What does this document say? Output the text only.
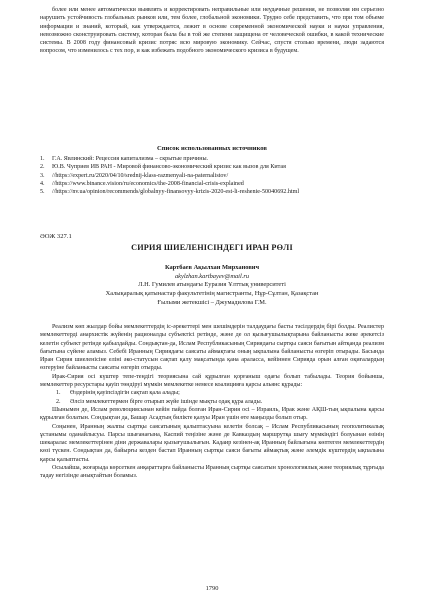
более или менее автоматически выявлять и корректировать неправильные или неудачные решения, не позволяя им серьезно нарушить устойчивость глобальных рынков или, тем более, глобальной экономики. Трудно себе представить, что при том объеме информации и знаний, который, как утверждается, лежит в основе современной экономической науки и науки управления, невозможно сконструировать систему, которая была бы в той же степени защищена от человеческой ошибки, в какой технические системы. В 2008 году финансовый кризис потряс всю мировую экономику. Сейчас, спустя столько времени, люди задаются вопросом, что изменилось с тех пор, и как избежать подобного экономического кризиса в будущем.

Список использованных источников

1. Г.А. Явлинский: Рецессия капитализма – скрытые причины.
2. Ю.В. Чуприев ИВ РАН - Мировой финансово-экономический кризис как вызов для Китая
3. //https://expert.ru/2020/04/10/srednij-klass-razmenyali-na-paternalistov/
4. //https://www.binance.vision/ru/economics/the-2008-financial-crisis-explained
5. //https://nv.ua/opinion/recommends/globalnyy-finansovyy-krizis-2020-est-li-reshenie-50040692.html

ӘОЖ 327.1

СИРИЯ ШИЕЛЕНІСІНДЕГІ ИРАН РӨЛІ

Картбаев Ақылхан Мирханович

akylzhan.kartbayev@mail.ru

Л.Н. Гумилев атындағы Еуразия Ұлттық университеті

Халықаралық қатынастар факультетінің магистранты, Нұр-Сұлтан, Қазақстан

Ғылыми жетекшісі – Джумадилова Г.М.

Реализм көп жылдар бойы мемлекеттердің іс-әрекеттері мен шешімдерін талдаудағы басты тәсілдердің бірі болды. Реалистер мемлекеттерді анархистік жүйенің рационалды субъектісі ретінде, және де ол қызығушылықтарына байланысты жеке әрекетсіз келетін субъект ретінде қабылдайды. Сондықтан-да, Ислам Республикасының Сириядағы сыртқы саяси бағытын айтқанда реализм бағытына сүйене аламыз. Себебі Иранның Сириядағы саясаты аймақтағы оның ықпалына байланысты өзгеріп отырады. Басында Иран Сирия шиеленісіне еліні әко-статусын сақтап қалу мақсатында қана араласса, кейіннен Сирияда орын алған оқиғалардың өзгеруіне байланысты саясаты өзгеріп отырды.

Ирак-Сирия осі күштер тепе-теңдігі теориясына сай құрылған қорғаныш одағы болып табылады. Теория бойынша, мемлекеттер ресурстары қауіп төндіруі мүмкін мемлекетке немесе коалицияға қарсы альянс құрады:

1. Өздерінің қауіпсіздігін сақтап қала алады;
2. Әлсіз мемлекеттермен бірге отырып жүйе ішінде мықты одақ құра алады.

Шынымен де, Ислам революциясынан кейін пайда болған Иран-Сирия осі – Израиль, Ирак және АҚШ-тың ықпалына қарсы құрылған болатын. Сондықтан да, Башар Асадтың билікте қалуы Иран үшін өте маңызды болып отыр.

Соңынен, Иранның жалпы сыртқы саясатының қалыптасуына келетін болсақ – Ислам Республикасының геополитикалық ұстанымы оданайлысуы. Парсы шығанағына, Каспий теңізіне және де Кавказдың маршрутқа шығу мүмкіндігі болуынан өзінің шекаралас мемлекеттерінен діни державалары қызығушылығын. Кадаир кезінен-ақ Иранның байлығына көптеген мемлекеттердің көзі түскен. Сондықтан да, байырғы кезден бастап Иранның сыртқы саяси бағыты аймақтық және әлемдік күштердің ықпалына қарсы қалыптасты.

Осылайша, жоғарыда көрсеткен анқараттарға байланысты Иранның сыртқы саясатын хронологиялық және теориялық тұрғыда тадау негізінде анықтайтын боламыз.

1790
